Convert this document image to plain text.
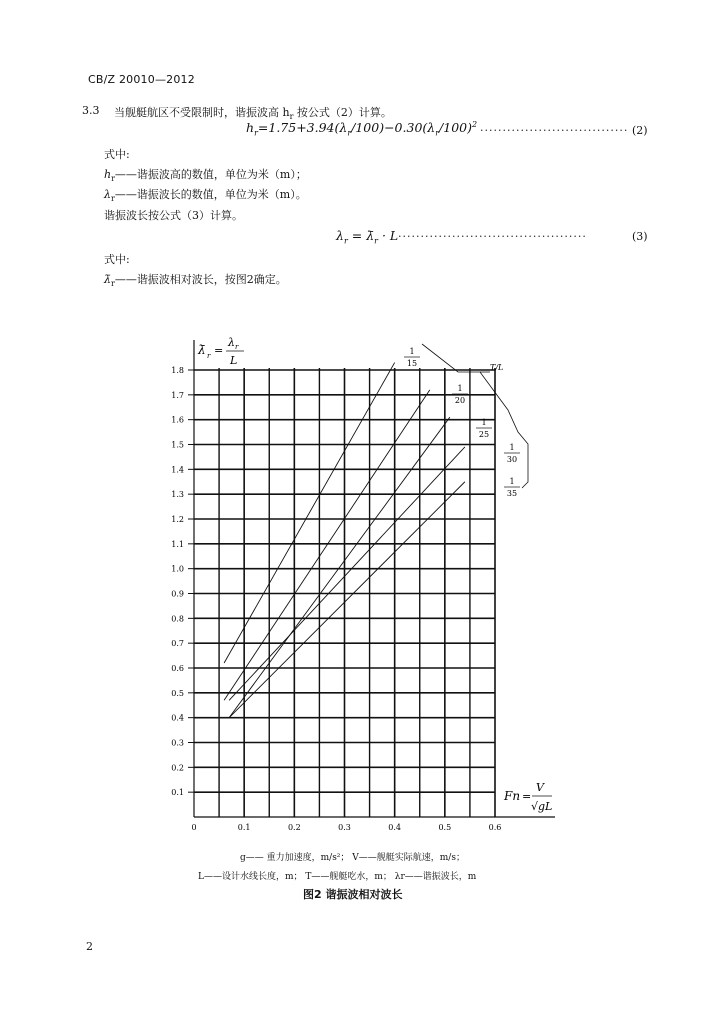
CB/Z 20010—2012
3.3 当舰艇航区不受限制时，谐振波高 $h_r$ 按公式（2）计算。
$h_r=1.75+3.94(\lambda_r/100)-0.30(\lambda_r/100)^2$ ································· (2)
式中:
$h_r——$谐振波高的数值，单位为米（m）；
$\lambda_r——$谐振波长的数值，单位为米（m）。
谐振波长按公式（3）计算。
$\lambda_r$ = $\lambdā_r \cdot L$ ··········································	(3)
式中:
$\lambdā_r——$谐振波相对波长，按图2确定。
0	0.1	0.2	0.3	0.4	0.5	0.6
0.1
0.2
0.3
0.4
0.5
0.6
0.7
0.8
0.9
1.0
1.1
1.2
1.3
1.4
1.5
1.6
1.7
1.8
1
15
1
20
1
25
1
30
1
35
T/L
λ̄ r =
λ r
L
Fn =
V
√gL
g—— 重力加速度，m/s²； V——舰艇实际航速，m/s；
L——设计水线长度，m； T——舰艇吃水，m； λr——谐振波长，m
图2 谐振波相对波长
2
